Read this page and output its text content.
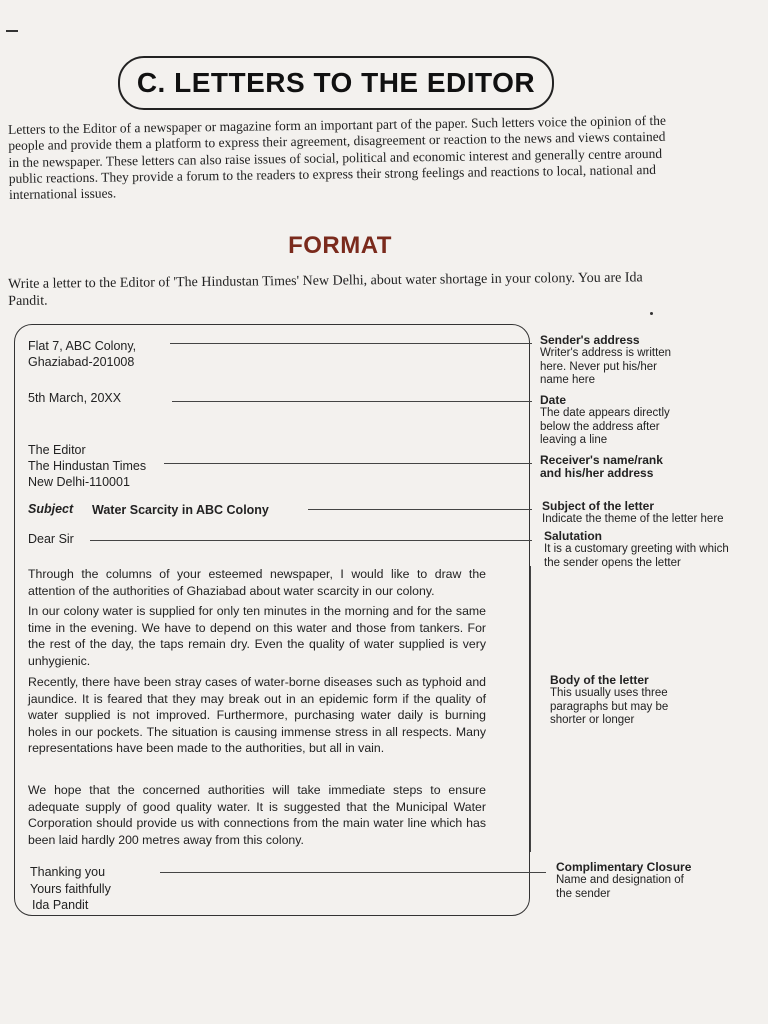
C. LETTERS TO THE EDITOR
Letters to the Editor of a newspaper or magazine form an important part of the paper. Such letters voice the opinion of the people and provide them a platform to express their agreement, disagreement or reaction to the news and views contained in the newspaper. These letters can also raise issues of social, political and economic interest and generally centre around public reactions. They provide a forum to the readers to express their strong feelings and reactions to local, national and international issues.
FORMAT
Write a letter to the Editor of 'The Hindustan Times' New Delhi, about water shortage in your colony. You are Ida Pandit.
Flat 7, ABC Colony,
Ghaziabad-201008
5th March, 20XX
The Editor
The Hindustan Times
New Delhi-110001
Subject Water Scarcity in ABC Colony
Dear Sir
Through the columns of your esteemed newspaper, I would like to draw the attention of the authorities of Ghaziabad about water scarcity in our colony.
In our colony water is supplied for only ten minutes in the morning and for the same time in the evening. We have to depend on this water and those from tankers. For the rest of the day, the taps remain dry. Even the quality of water supplied is very unhygienic.
Recently, there have been stray cases of water-borne diseases such as typhoid and jaundice. It is feared that they may break out in an epidemic form if the quality of water supplied is not improved. Furthermore, purchasing water daily is burning holes in our pockets. The situation is causing immense stress in all respects. Many representations have been made to the authorities, but all in vain.
We hope that the concerned authorities will take immediate steps to ensure adequate supply of good quality water. It is suggested that the Municipal Water Corporation should provide us with connections from the main water line which has been laid hardly 200 metres away from this colony.
Thanking you
Yours faithfully
Ida Pandit
Sender's address
Writer's address is written here. Never put his/her name here
Date
The date appears directly below the address after leaving a line
Receiver's name/rank and his/her address
Subject of the letter
Indicate the theme of the letter here
Salutation
It is a customary greeting with which the sender opens the letter
Body of the letter
This usually uses three paragraphs but may be shorter or longer
Complimentary Closure
Name and designation of the sender
